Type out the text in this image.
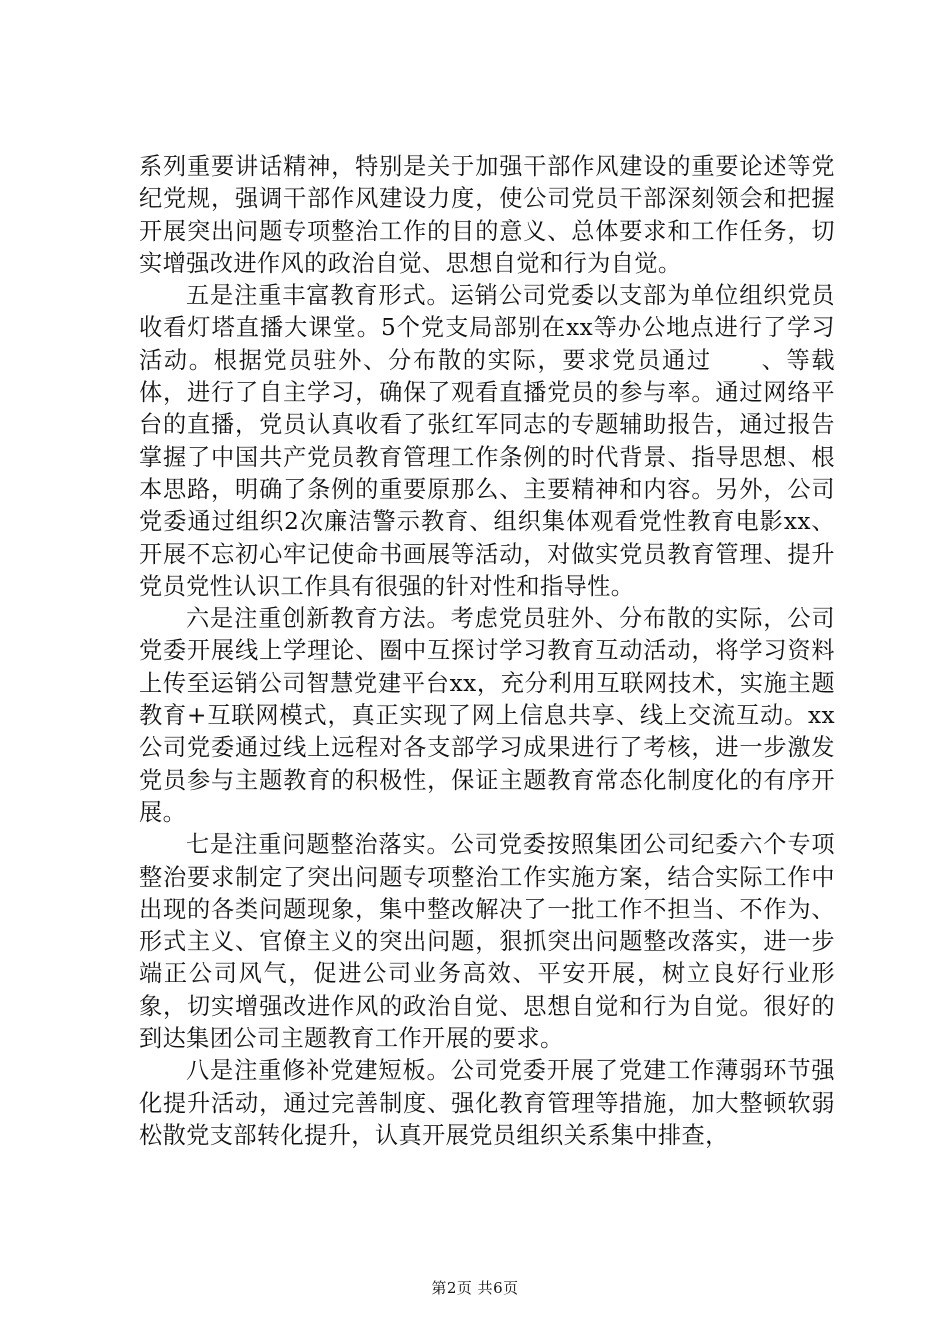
系列重要讲话精神，特别是关于加强干部作风建设的重要论述等党纪党规，强调干部作风建设力度，使公司党员干部深刻领会和把握开展突出问题专项整治工作的目的意义、总体要求和工作任务，切实增强改进作风的政治自觉、思想自觉和行为自觉。

五是注重丰富教育形式。运销公司党委以支部为单位组织党员收看灯塔直播大课堂。5个党支局部别在xx等办公地点进行了学习活动。根据党员驻外、分布散的实际，要求党员通过　　、等载体，进行了自主学习，确保了观看直播党员的参与率。通过网络平台的直播，党员认真收看了张红军同志的专题辅助报告，通过报告掌握了中国共产党员教育管理工作条例的时代背景、指导思想、根本思路，明确了条例的重要原那么、主要精神和内容。另外，公司党委通过组织2次廉洁警示教育、组织集体观看党性教育电影xx、开展不忘初心牢记使命书画展等活动，对做实党员教育管理、提升党员党性认识工作具有很强的针对性和指导性。

六是注重创新教育方法。考虑党员驻外、分布散的实际，公司党委开展线上学理论、圈中互探讨学习教育互动活动，将学习资料上传至运销公司智慧党建平台xx，充分利用互联网技术，实施主题教育+互联网模式，真正实现了网上信息共享、线上交流互动。xx公司党委通过线上远程对各支部学习成果进行了考核，进一步激发党员参与主题教育的积极性，保证主题教育常态化制度化的有序开展。

七是注重问题整治落实。公司党委按照集团公司纪委六个专项整治要求制定了突出问题专项整治工作实施方案，结合实际工作中出现的各类问题现象，集中整改解决了一批工作不担当、不作为、形式主义、官僚主义的突出问题，狠抓突出问题整改落实，进一步端正公司风气，促进公司业务高效、平安开展，树立良好行业形象，切实增强改进作风的政治自觉、思想自觉和行为自觉。很好的到达集团公司主题教育工作开展的要求。

八是注重修补党建短板。公司党委开展了党建工作薄弱环节强化提升活动，通过完善制度、强化教育管理等措施，加大整顿软弱松散党支部转化提升，认真开展党员组织关系集中排查，

第2页 共6页
